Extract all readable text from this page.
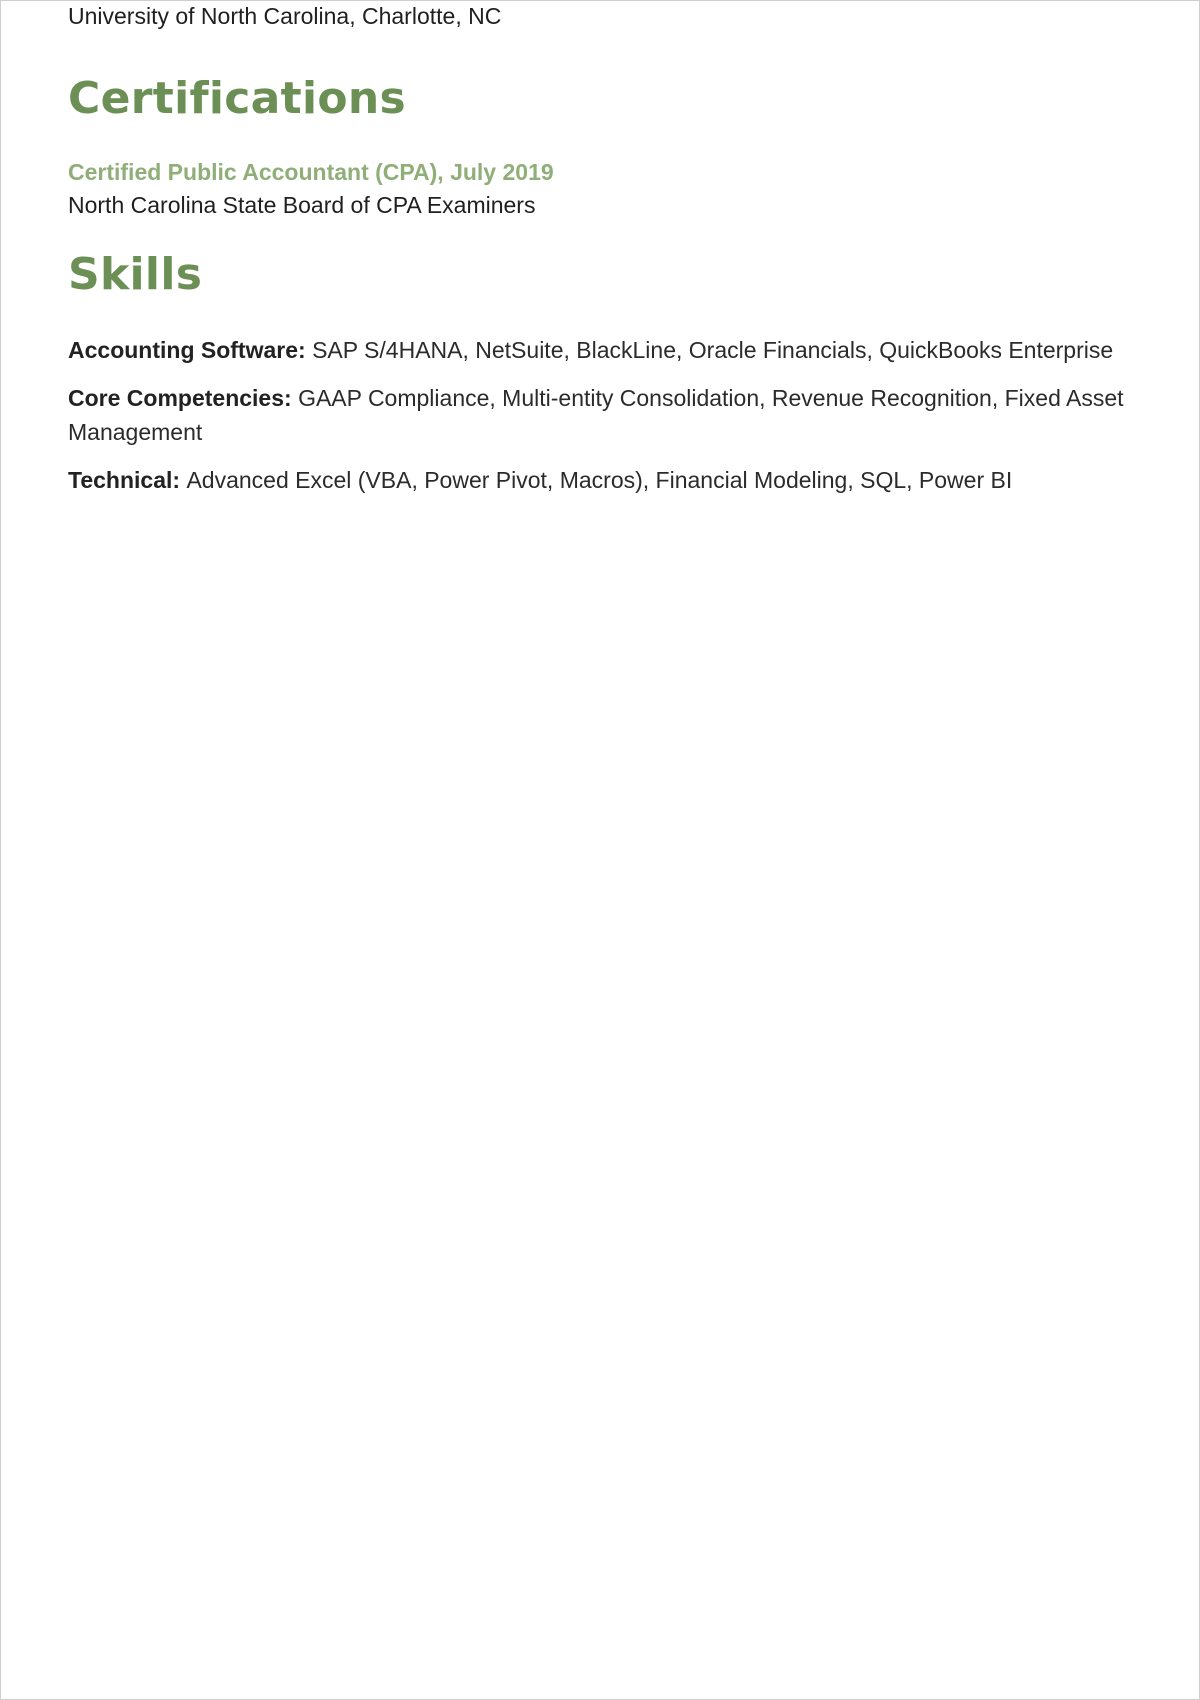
University of North Carolina, Charlotte, NC

Certifications

Certified Public Accountant (CPA), July 2019

North Carolina State Board of CPA Examiners

Skills

Accounting Software: SAP S/4HANA, NetSuite, BlackLine, Oracle Financials, QuickBooks Enterprise

Core Competencies: GAAP Compliance, Multi-entity Consolidation, Revenue Recognition, Fixed Asset Management

Technical: Advanced Excel (VBA, Power Pivot, Macros), Financial Modeling, SQL, Power BI
